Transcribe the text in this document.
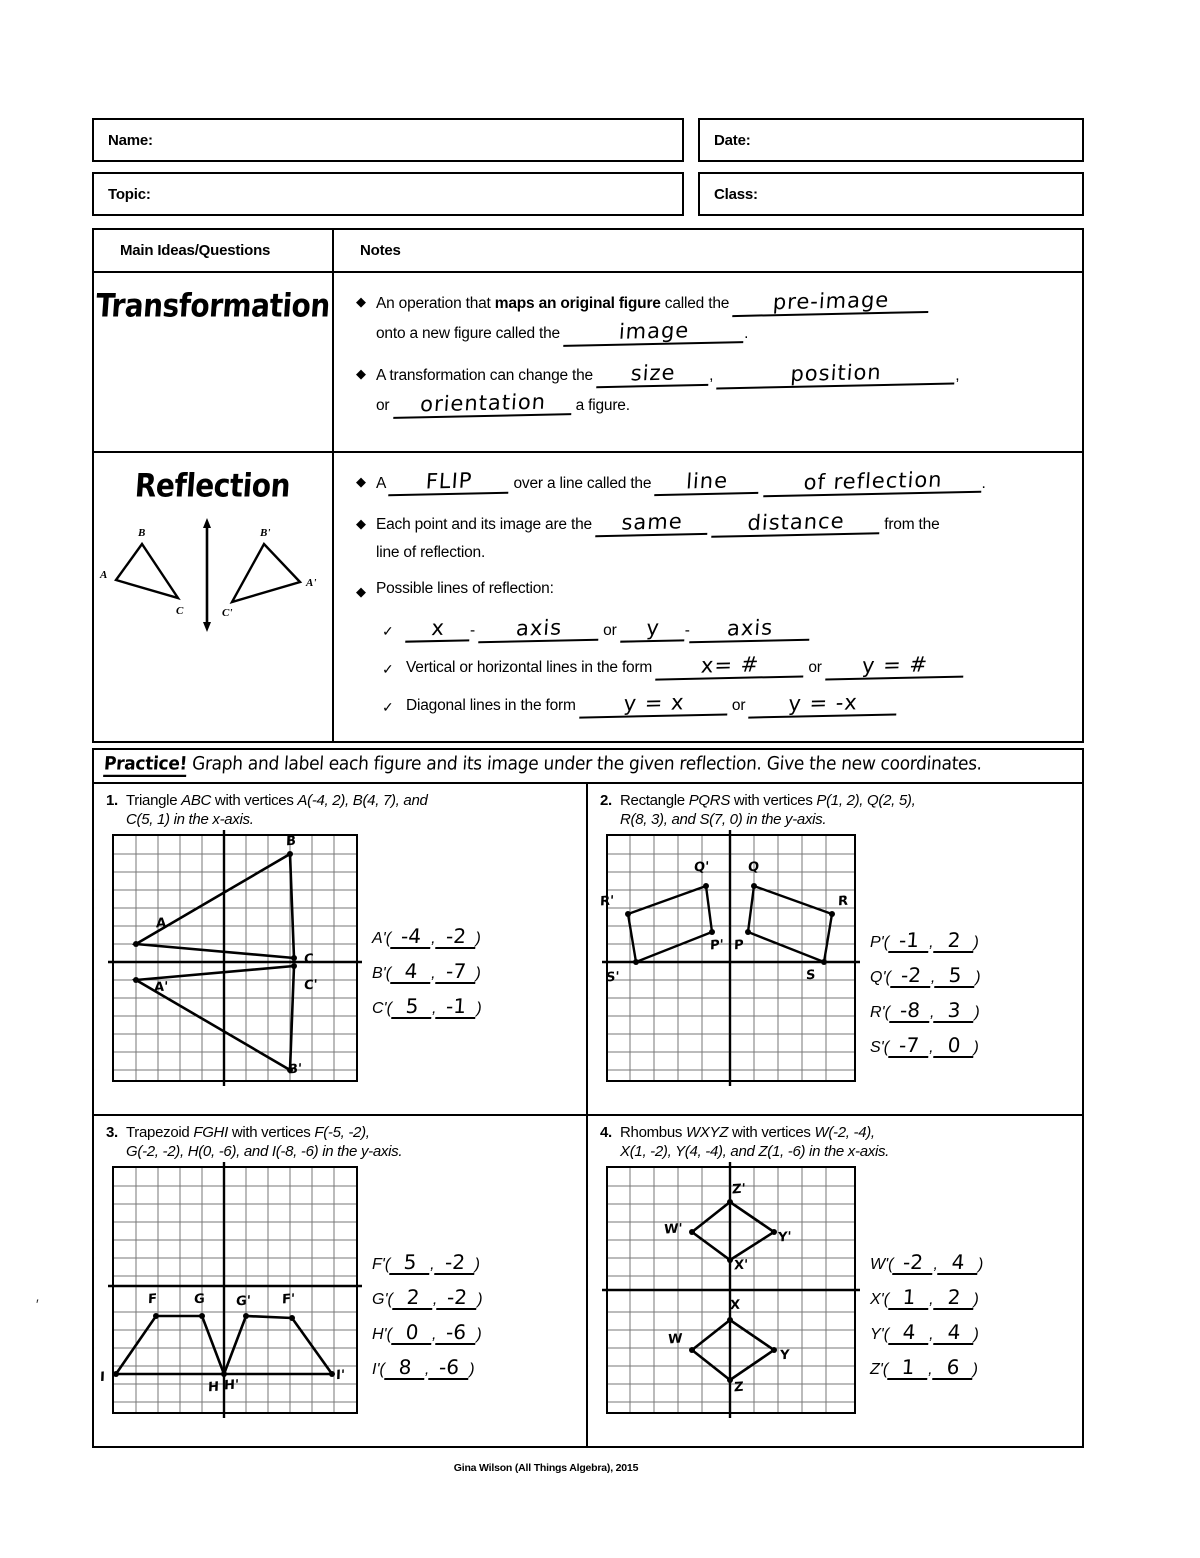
Name:	Date:
Topic:	Class:
Main Ideas/Questions	Notes
Transformation ◆ An operation that maps an original figure called the pre-image
onto a new figure called the	image	.
◆ A transformation can change the size ,	position	,
or orientation a figure.
Reflection
A
B
C
A'
B'
C'
◆ A FLIP over a line called the line	of reflection .
◆ Each point and its image are the same	distance from the
line of reflection.
◆ Possible lines of reflection:
✓	x - axis or y - axis
✓ Vertical or horizontal lines in the form x= #	or y = #
✓ Diagonal lines in the form y = x	or y = -x
Practice! Graph and label each figure and its image under the given reflection. Give the new coordinates.
1. Triangle ABC with vertices A(-4, 2), B(4, 7), and
C(5, 1) in the x-axis.
B
A
C
A'	C'
B'
A'( -4 , -2 )
B'( 4 , -7 )
C'( 5 , -1 )
2. Rectangle PQRS with vertices P(1, 2), Q(2, 5),
R(8, 3), and S(7, 0) in the y-axis.
Q'	Q
R'	R
P' P
S'	S
P'( -1 , 2 )
Q'( -2 , 5 )
R'( -8 , 3 )
S'( -7 , 0 )
3. Trapezoid FGHI with vertices F(-5, -2),
G(-2, -2), H(0, -6), and I(-8, -6) in the y-axis.
F	G G' F'
I
H H'
I'
F'( 5 , -2 )
G'( 2 , -2 )
H'( 0 , -6 )
I'( 8 , -6 )
4. Rhombus WXYZ with vertices W(-2, -4),
X(1, -2), Y(4, -4), and Z(1, -6) in the x-axis.
Z'
W'	Y'
X'
X
W
Y
Z
W'( -2 , 4 )
X'( 1 , 2 )
Y'( 4 , 4 )
Z'( 1 , 6 )
′
Gina Wilson (All Things Algebra), 2015
